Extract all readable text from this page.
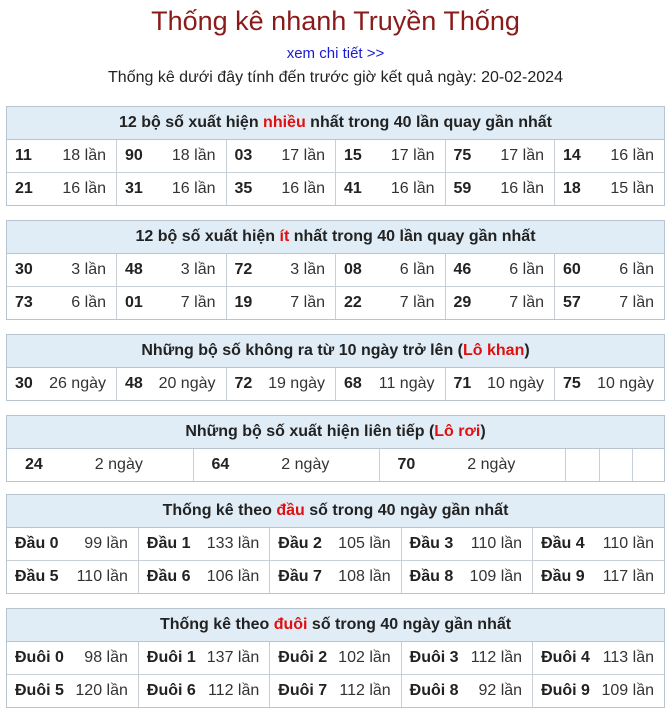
Thống kê nhanh Truyền Thống
xem chi tiết >>
Thống kê dưới đây tính đến trước giờ kết quả ngày: 20-02-2024
12 bộ số xuất hiện nhiều nhất trong 40 lần quay gần nhất
11 18 lần	90 18 lần	03 17 lần	15 17 lần	75 17 lần	14 16 lần

21 16 lần	31 16 lần	35 16 lần	41 16 lần	59 16 lần	18 15 lần
12 bộ số xuất hiện ít nhất trong 40 lần quay gần nhất
30 3 lần	48 3 lần	72 3 lần	08 6 lần	46 6 lần	60 6 lần

73 6 lần	01 7 lần	19 7 lần	22 7 lần	29 7 lần	57 7 lần
Những bộ số không ra từ 10 ngày trở lên (Lô khan)
30 26 ngày	48 20 ngày	72 19 ngày	68 11 ngày	71 10 ngày	75 10 ngày
Những bộ số xuất hiện liên tiếp (Lô rơi)
24	2 ngày	64	2 ngày	70	2 ngày

Thống kê theo đầu số trong 40 ngày gần nhất
Đầu 0 99 lần	Đầu 1 133 lần	Đầu 2 105 lần	Đầu 3 110 lần	Đầu 4 110 lần

Đầu 5 110 lần	Đầu 6 106 lần	Đầu 7 108 lần	Đầu 8 109 lần	Đầu 9 117 lần
Thống kê theo đuôi số trong 40 ngày gần nhất
Đuôi 0 98 lần	Đuôi 1 137 lần	Đuôi 2 102 lần	Đuôi 3 112 lần	Đuôi 4 113 lần

Đuôi 5 120 lần	Đuôi 6 112 lần	Đuôi 7 112 lần	Đuôi 8 92 lần	Đuôi 9 109 lần
